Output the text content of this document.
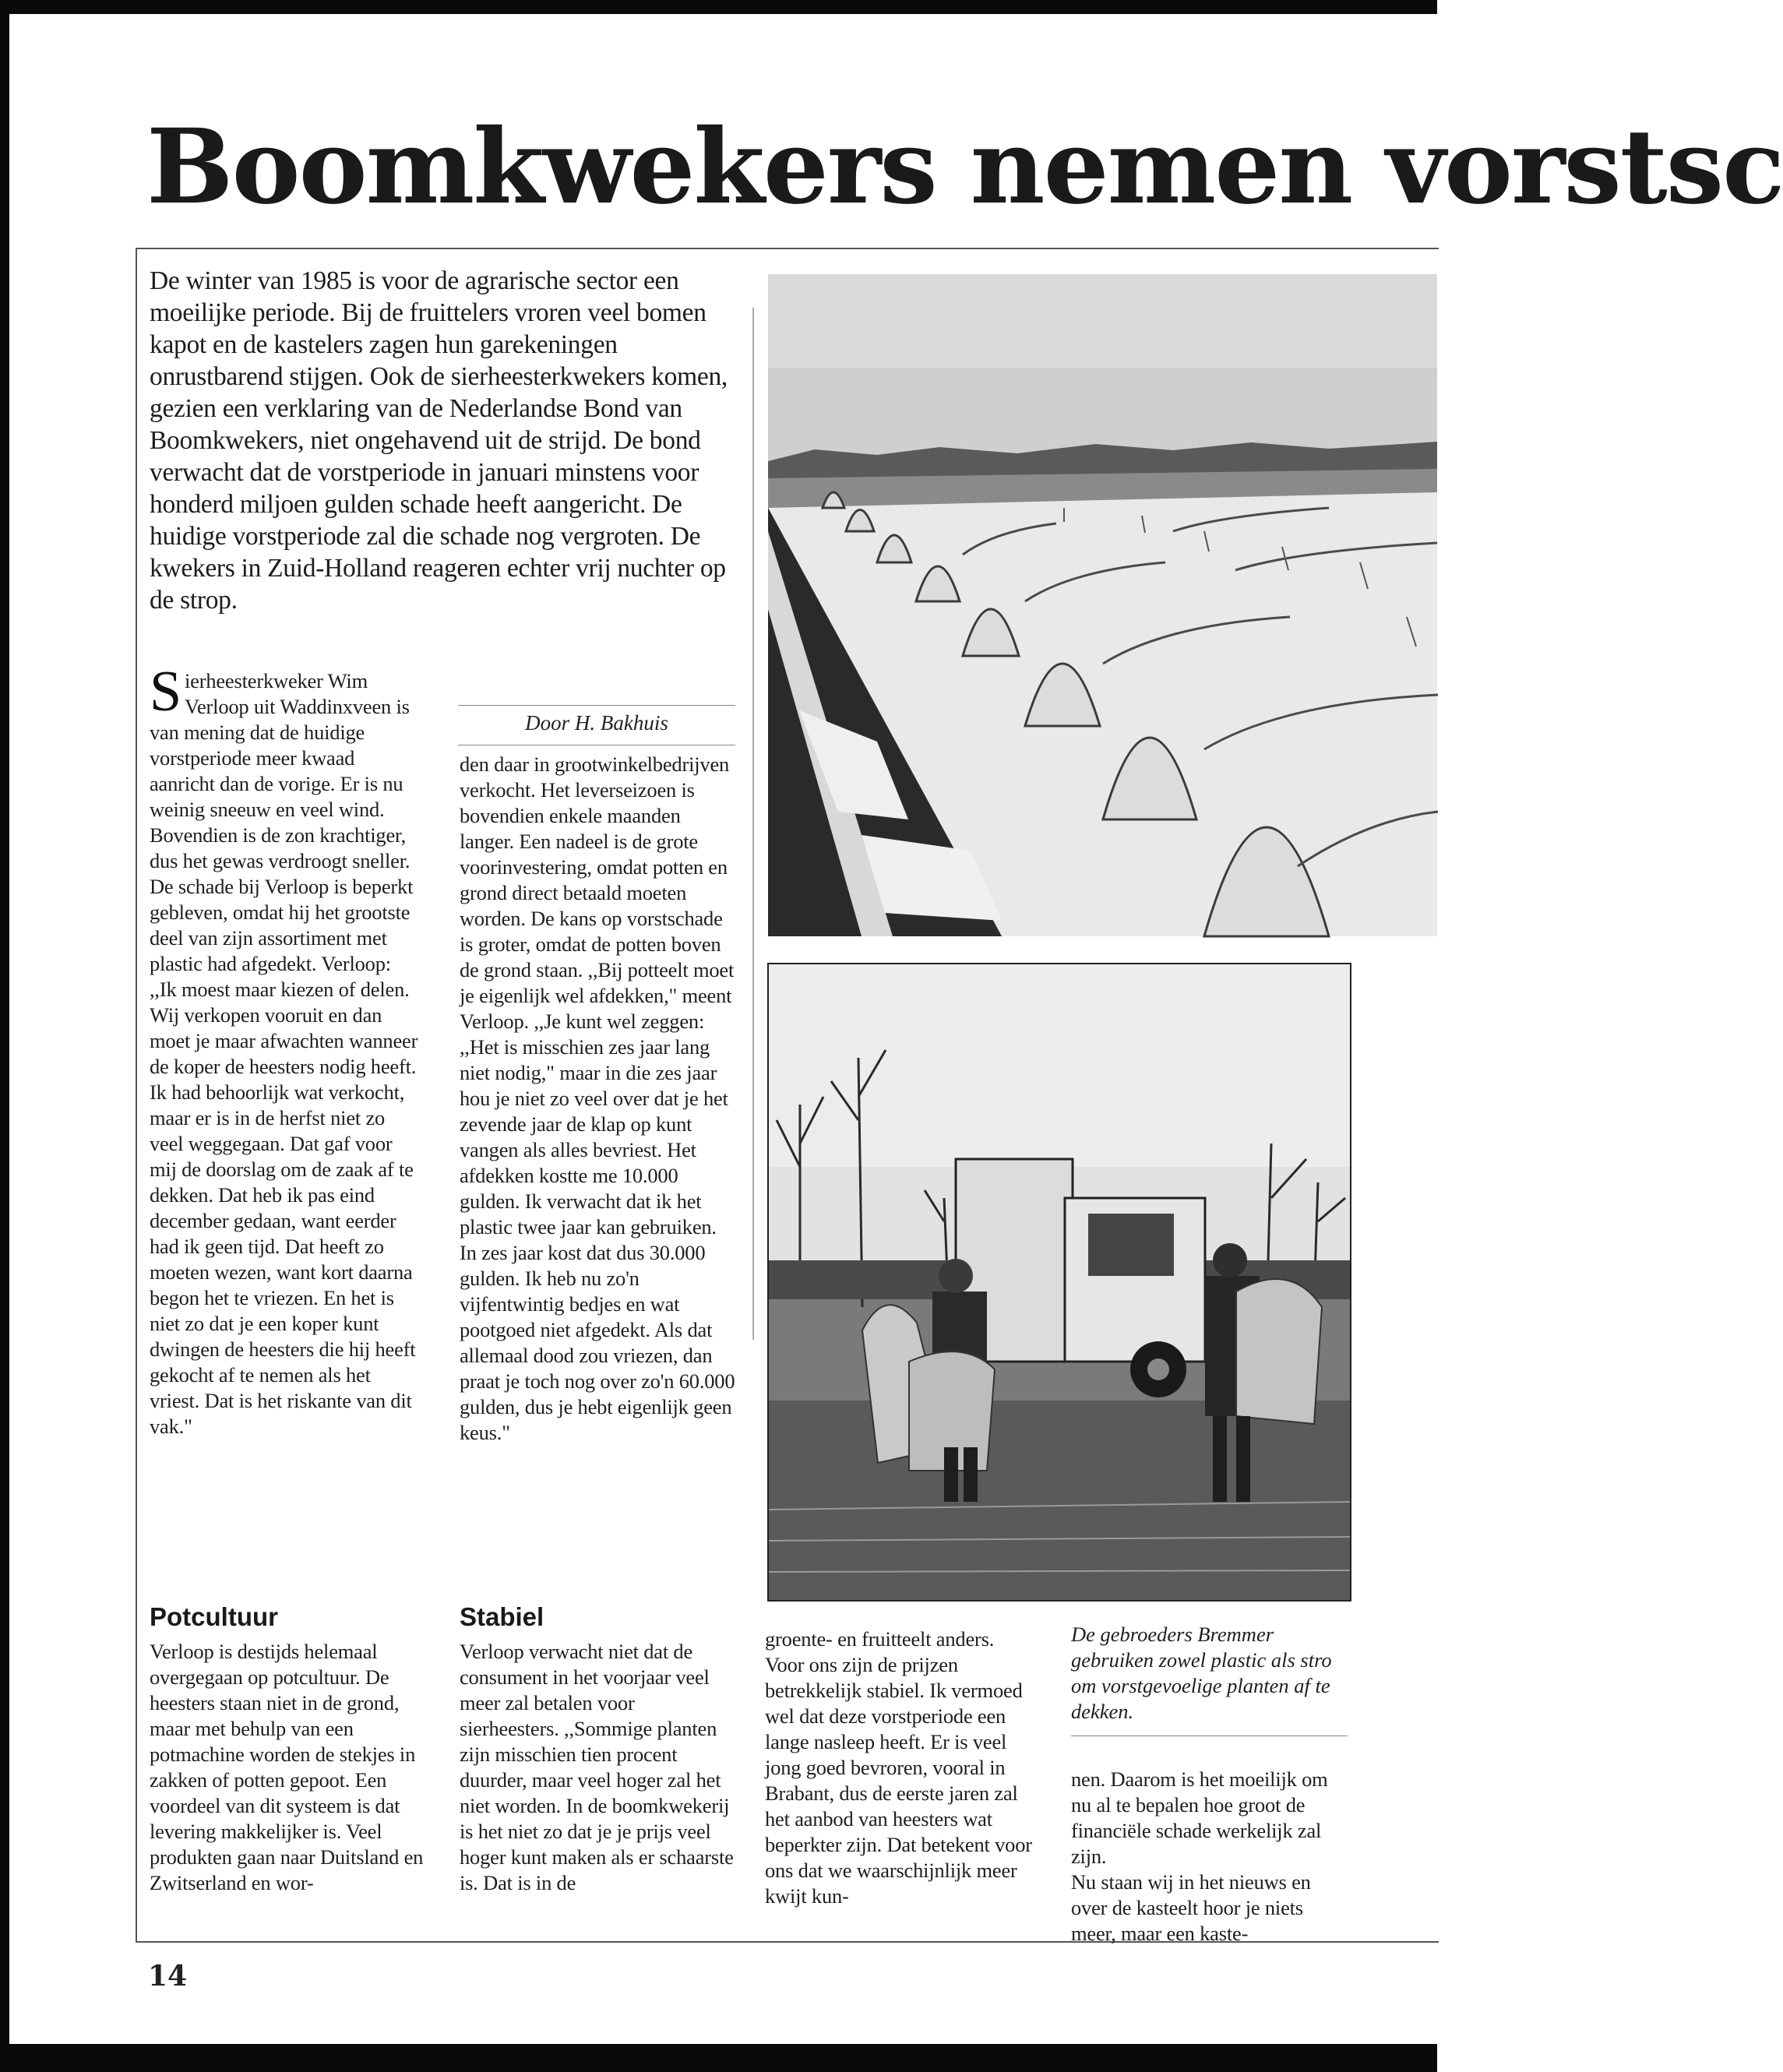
Boomkwekers nemen vorstsc
De winter van 1985 is voor de agrarische sector een moeilijke periode. Bij de fruittelers vroren veel bomen kapot en de kastelers zagen hun garekeningen onrustbarend stijgen. Ook de sierheesterkwekers komen, gezien een verklaring van de Nederlandse Bond van Boomkwekers, niet ongehavend uit de strijd. De bond verwacht dat de vorstperiode in januari minstens voor honderd miljoen gulden schade heeft aangericht. De huidige vorstperiode zal die schade nog vergroten. De kwekers in Zuid-Holland reageren echter vrij nuchter op de strop.

Sierheesterkweker Wim Verloop uit Waddinxveen is van mening dat de huidige vorstperiode meer kwaad aanricht dan de vorige. Er is nu weinig sneeuw en veel wind. Bovendien is de zon krachtiger, dus het gewas verdroogt sneller.

De schade bij Verloop is beperkt gebleven, omdat hij het grootste deel van zijn assortiment met plastic had afgedekt. Verloop: ,,Ik moest maar kiezen of delen. Wij verkopen vooruit en dan moet je maar afwachten wanneer de koper de heesters nodig heeft. Ik had behoorlijk wat verkocht, maar er is in de herfst niet zo veel weggegaan. Dat gaf voor mij de doorslag om de zaak af te dekken. Dat heb ik pas eind december gedaan, want eerder had ik geen tijd. Dat heeft zo moeten wezen, want kort daarna begon het te vriezen. En het is niet zo dat je een koper kunt dwingen de heesters die hij heeft gekocht af te nemen als het vriest. Dat is het riskante van dit vak."

Door H. Bakhuis
den daar in grootwinkelbedrijven verkocht. Het leverseizoen is bovendien enkele maanden langer. Een nadeel is de grote voorinvestering, omdat potten en grond direct betaald moeten worden. De kans op vorstschade is groter, omdat de potten boven de grond staan. ,,Bij potteelt moet je eigenlijk wel afdekken," meent Verloop. ,,Je kunt wel zeggen: ,,Het is misschien zes jaar lang niet nodig," maar in die zes jaar hou je niet zo veel over dat je het zevende jaar de klap op kunt vangen als alles bevriest. Het afdekken kostte me 10.000 gulden. Ik verwacht dat ik het plastic twee jaar kan gebruiken. In zes jaar kost dat dus 30.000 gulden. Ik heb nu zo'n vijfentwintig bedjes en wat pootgoed niet afgedekt. Als dat allemaal dood zou vriezen, dan praat je toch nog over zo'n 60.000 gulden, dus je hebt eigenlijk geen keus."
Potcultuur
Verloop is destijds helemaal overgegaan op potcultuur. De heesters staan niet in de grond, maar met behulp van een potmachine worden de stekjes in zakken of potten gepoot. Een voordeel van dit systeem is dat levering makkelijker is. Veel produkten gaan naar Duitsland en Zwitserland en wor-
Stabiel
Verloop verwacht niet dat de consument in het voorjaar veel meer zal betalen voor sierheesters. ,,Sommige planten zijn misschien tien procent duurder, maar veel hoger zal het niet worden. In de boomkwekerij is het niet zo dat je je prijs veel hoger kunt maken als er schaarste is. Dat is in de
groente- en fruitteelt anders. Voor ons zijn de prijzen betrekkelijk stabiel. Ik vermoed wel dat deze vorstperiode een lange nasleep heeft. Er is veel jong goed bevroren, vooral in Brabant, dus de eerste jaren zal het aanbod van heesters wat beperkter zijn. Dat betekent voor ons dat we waarschijnlijk meer kwijt kun-
De gebroeders Bremmer gebruiken zowel plastic als stro om vorstgevoelige planten af te dekken.

nen. Daarom is het moeilijk om nu al te bepalen hoe groot de financiële schade werkelijk zal zijn.

Nu staan wij in het nieuws en over de kasteelt hoor je niets meer, maar een kaste-

14
